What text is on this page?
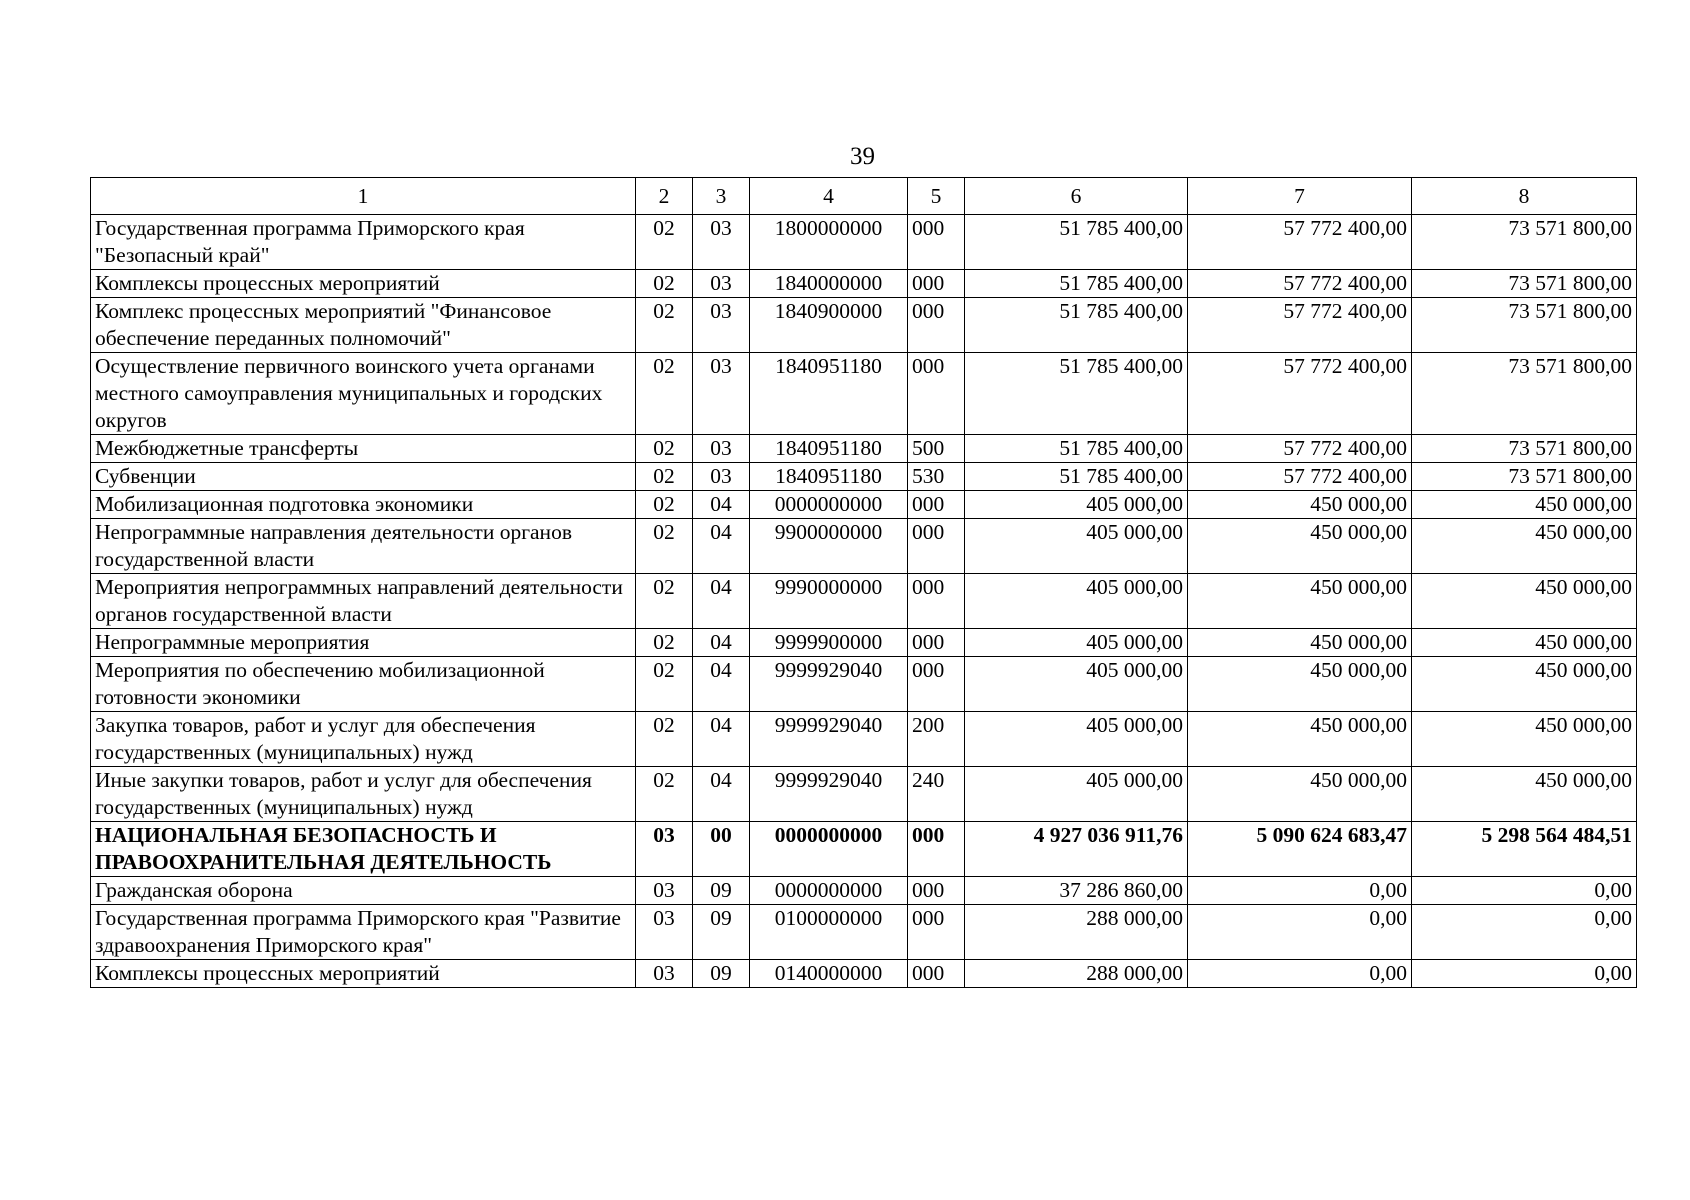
39
1	2	3	4	5	6	7	8
Государственная программа Приморского края "Безопасный край"	02	03	1800000000	000	51 785 400,00	57 772 400,00	73 571 800,00
Комплексы процессных мероприятий	02	03	1840000000	000	51 785 400,00	57 772 400,00	73 571 800,00
Комплекс процессных мероприятий "Финансовое обеспечение переданных полномочий"	02	03	1840900000	000	51 785 400,00	57 772 400,00	73 571 800,00
Осуществление первичного воинского учета органами местного самоуправления муниципальных и городских округов	02	03	1840951180	000	51 785 400,00	57 772 400,00	73 571 800,00
Межбюджетные трансферты	02	03	1840951180	500	51 785 400,00	57 772 400,00	73 571 800,00
Субвенции	02	03	1840951180	530	51 785 400,00	57 772 400,00	73 571 800,00
Мобилизационная подготовка экономики	02	04	0000000000	000	405 000,00	450 000,00	450 000,00
Непрограммные направления деятельности органов государственной власти	02	04	9900000000	000	405 000,00	450 000,00	450 000,00
Мероприятия непрограммных направлений деятельности органов государственной власти	02	04	9990000000	000	405 000,00	450 000,00	450 000,00
Непрограммные мероприятия	02	04	9999900000	000	405 000,00	450 000,00	450 000,00
Мероприятия по обеспечению мобилизационной готовности экономики	02	04	9999929040	000	405 000,00	450 000,00	450 000,00
Закупка товаров, работ и услуг для обеспечения государственных (муниципальных) нужд	02	04	9999929040	200	405 000,00	450 000,00	450 000,00
Иные закупки товаров, работ и услуг для обеспечения государственных (муниципальных) нужд	02	04	9999929040	240	405 000,00	450 000,00	450 000,00
НАЦИОНАЛЬНАЯ БЕЗОПАСНОСТЬ И ПРАВООХРАНИТЕЛЬНАЯ ДЕЯТЕЛЬНОСТЬ	03	00	0000000000	000	4 927 036 911,76	5 090 624 683,47	5 298 564 484,51
Гражданская оборона	03	09	0000000000	000	37 286 860,00	0,00	0,00
Государственная программа Приморского края "Развитие здравоохранения Приморского края"	03	09	0100000000	000	288 000,00	0,00	0,00
Комплексы процессных мероприятий	03	09	0140000000	000	288 000,00	0,00	0,00
